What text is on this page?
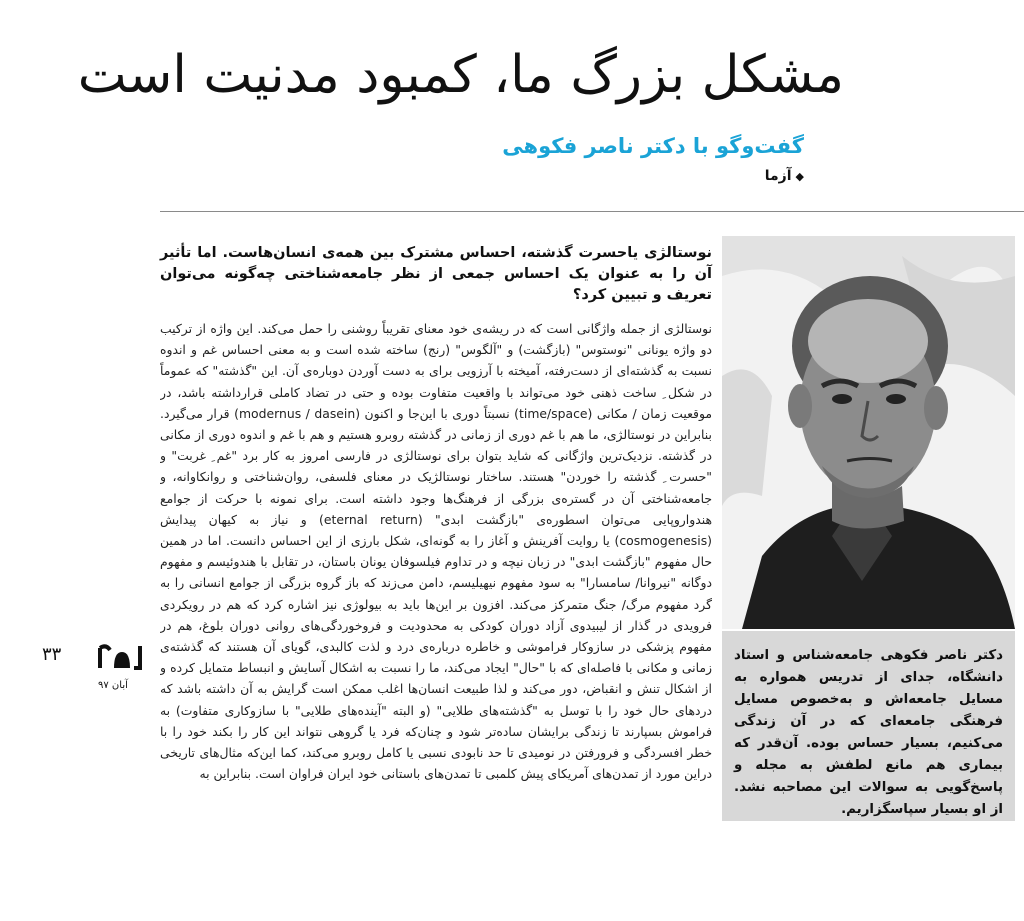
مشکل بزرگ ما، کمبود مدنیت است
گفت‌وگو با دکتر ناصر فکوهی
◆آزما
نوستالژی یاحسرت گذشته، احساس مشترک بین همه‌ی انسان‌هاست. اما تأثیر آن را به عنوان یک احساس جمعی از نظر جامعه‌شناختی چه‌گونه می‌توان تعریف و تبیین کرد؟
نوستالژی از جمله واژگانی است که در ریشه‌ی خود معنای تقریباً روشنی را حمل می‌کند. این واژه از ترکیب دو واژه یونانی "نوستوس" (بازگشت) و "آلگوس" (رنج) ساخته شده است و به معنی احساس غم و اندوه نسبت به گذشته‌ای از دست‌رفته، آمیخته با آرزویی برای به دست آوردن دوباره‌ی آن. این "گذشته" که عموماً در شکل ِ ساخت ذهنی خود می‌تواند با واقعیت متفاوت بوده و حتی در تضاد کاملی قرارداشته باشد، در موقعیت زمان / مکانی (time/space) نسبتاً دوری با این‌جا و اکنون (modernus / dasein) قرار می‌گیرد. بنابراین در نوستالژی، ما هم با غم دوری از زمانی در گذشته روبرو هستیم و هم با غم و اندوه دوری از مکانی در گذشته. نزدیک‌ترین واژگانی که شاید بتوان برای نوستالژی در فارسی امروز به کار برد "غم ِ غربت" و "حسرت ِ گذشته را خوردن" هستند. ساختار نوستالژیک در معنای فلسفی، روان‌شناختی و روانکاوانه، و جامعه‌شناختی آن در گستره‌ی بزرگی از فرهنگ‌ها وجود داشته است. برای نمونه با حرکت از جوامع هندواروپایی می‌توان اسطوره‌ی "بازگشت ابدی" (eternal return) و نیاز به کیهان پیدایش (cosmogenesis) یا روایت آفرینش و آغاز را به گونه‌ای، شکل بارزی از این احساس دانست. اما در همین حال مفهوم "بازگشت ابدی" در زبان نیچه و در تداوم فیلسوفان یونان باستان، در تقابل با هندوئیسم و مفهوم دوگانه "نیروانا/ سامسارا" به سود مفهوم نیهیلیسم، دامن می‌زند که باز گروه بزرگی از جوامع انسانی را به گرد مفهوم مرگ/ جنگ متمرکز می‌کند. افزون بر این‌ها باید به بیولوژی نیز اشاره کرد که هم در رویکردی فرویدی در گذار از لیبیدوی آزاد دوران کودکی به محدودیت و فروخوردگی‌های روانی دوران بلوغ، هم در مفهوم پزشکی در سازوکار فراموشی و خاطره درباره‌ی درد و لذت کالبدی، گویای آن هستند که گذشته‌ی زمانی و مکانی با فاصله‌ای که با "حال" ایجاد می‌کند، ما را نسبت به اشکال آسایش و انبساط متمایل کرده و از اشکال تنش و انقباض، دور می‌کند و لذا طبیعت انسان‌ها اغلب ممکن است گرایش به آن داشته باشد که دردهای حال خود را با توسل به "گذشته‌های طلایی" (و البته "آینده‌های طلایی" با سازوکاری متفاوت) به فراموش بسپارند تا زندگی برایشان ساده‌تر شود و چنان‌که فرد یا گروهی نتواند این کار را بکند خود را با خطر افسردگی و فرورفتن در نومیدی تا حد نابودی نسبی یا کامل روبرو می‌کند، کما این‌که مثال‌های تاریخی دراین مورد از تمدن‌های آمریکای پیش کلمبی تا تمدن‌های باستانی خود ایران فراوان است. بنابراین به
دکتر ناصر فکوهی جامعه‌شناس و استاد دانشگاه، جدای از تدریس همواره به مسایل جامعه‌اش و به‌خصوص مسایل فرهنگی جامعه‌ای که در آن زندگی می‌کنیم، بسیار حساس بوده. آن‌قدر که بیماری هم مانع لطفش به مجله و پاسخ‌گویی به سوالات این مصاحبه نشد. از او بسیار سپاسگزاریم.
۳۳
آبان ۹۷
